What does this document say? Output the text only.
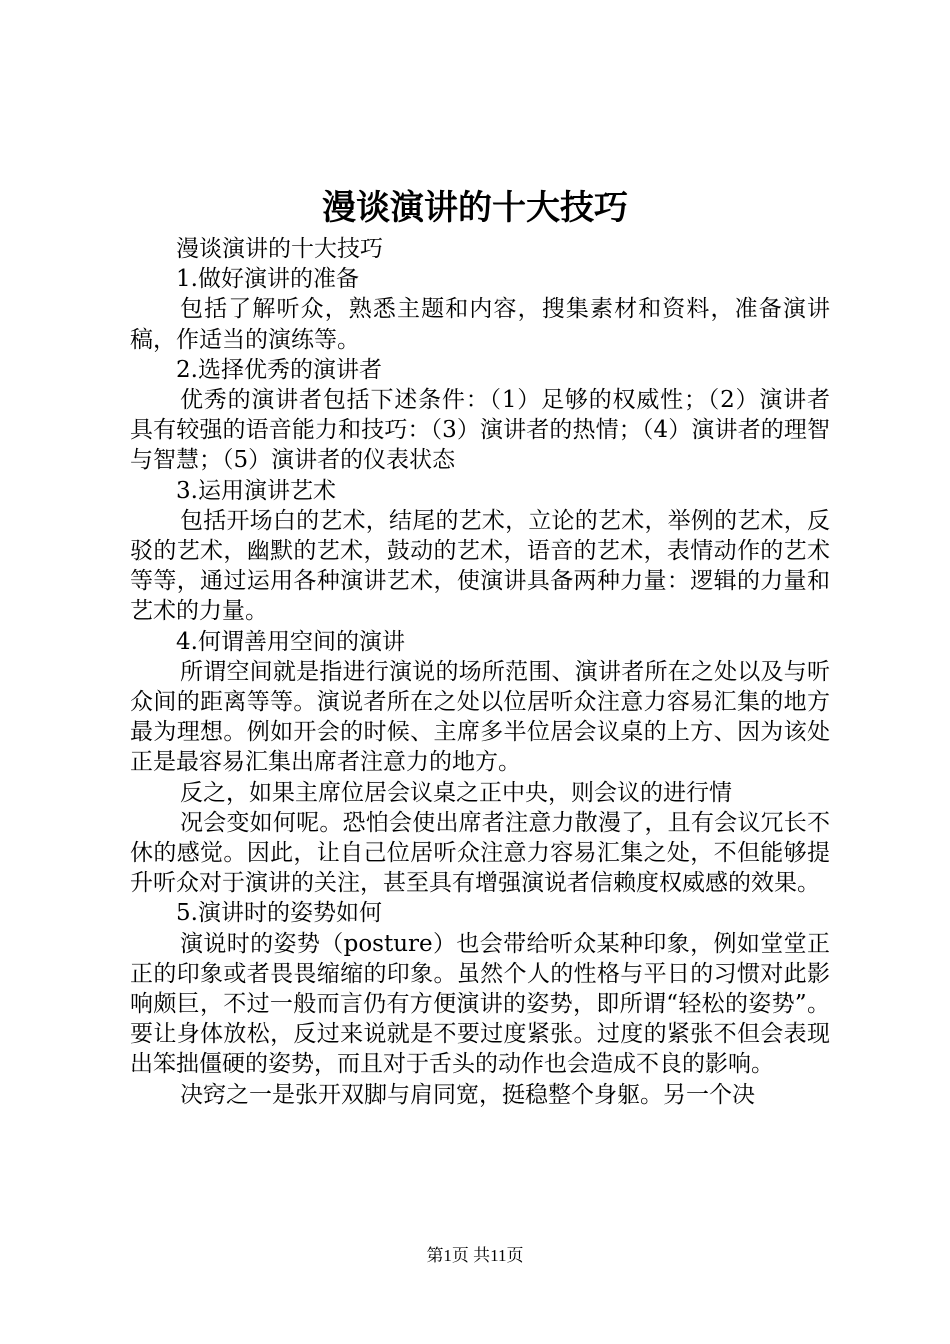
漫谈演讲的十大技巧

漫谈演讲的十大技巧

1.做好演讲的准备

包括了解听众，熟悉主题和内容，搜集素材和资料，准备演讲稿，作适当的演练等。

2.选择优秀的演讲者

优秀的演讲者包括下述条件：（1）足够的权威性；（2）演讲者具有较强的语音能力和技巧：（3）演讲者的热情；（4）演讲者的理智与智慧；（5）演讲者的仪表状态

3.运用演讲艺术

包括开场白的艺术，结尾的艺术，立论的艺术，举例的艺术，反驳的艺术，幽默的艺术，鼓动的艺术，语音的艺术，表情动作的艺术等等，通过运用各种演讲艺术，使演讲具备两种力量：逻辑的力量和艺术的力量。

4.何谓善用空间的演讲

所谓空间就是指进行演说的场所范围、演讲者所在之处以及与听众间的距离等等。演说者所在之处以位居听众注意力容易汇集的地方最为理想。例如开会的时候、主席多半位居会议桌的上方、因为该处正是最容易汇集出席者注意力的地方。

反之，如果主席位居会议桌之正中央，则会议的进行情

况会变如何呢。恐怕会使出席者注意力散漫了，且有会议冗长不休的感觉。因此，让自己位居听众注意力容易汇集之处，不但能够提升听众对于演讲的关注，甚至具有增强演说者信赖度权威感的效果。

5.演讲时的姿势如何

演说时的姿势（posture）也会带给听众某种印象，例如堂堂正正的印象或者畏畏缩缩的印象。虽然个人的性格与平日的习惯对此影响颇巨，不过一般而言仍有方便演讲的姿势，即所谓“轻松的姿势”。要让身体放松，反过来说就是不要过度紧张。过度的紧张不但会表现出笨拙僵硬的姿势，而且对于舌头的动作也会造成不良的影响。

决窍之一是张开双脚与肩同宽，挺稳整个身躯。另一个决

第1页 共11页
